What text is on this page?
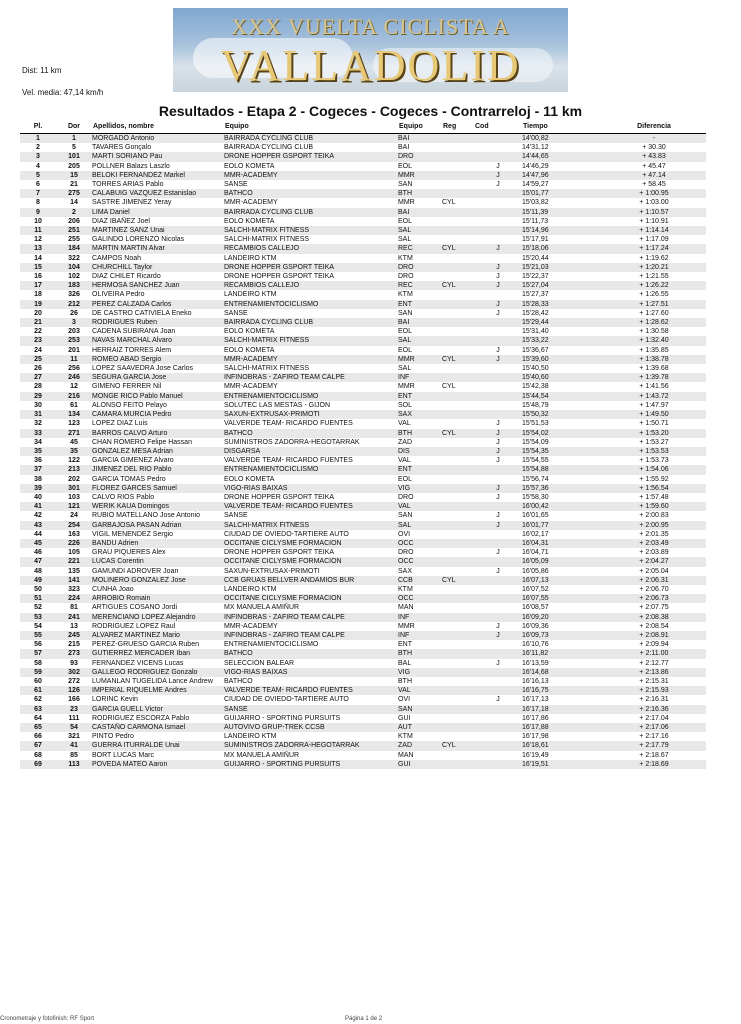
XXX VUELTA CICLISTA A
VALLADOLID
Dist: 11 km
Vel. media: 47,14 km/h
Resultados - Etapa 2 - Cogeces - Cogeces - Contrarreloj - 11 km
Pl.	Dor	Apellidos, nombre	Equipo	Equipo	Reg	Cod	Tiempo	Diferencia
1	1	MORGADO Antonio	BAIRRADA CYCLING CLUB	BAI			14'00,82	-
2	5	TAVARES Gonçalo	BAIRRADA CYCLING CLUB	BAI			14'31,12	+ 30.30
3	101	MARTI SORIANO Pau	DRONE HOPPER GSPORT TEIKA	DRO			14'44,65	+ 43.83
4	205	POLLNER Balazs Laszlo	EOLO KOMETA	EOL		J	14'46,29	+ 45.47
5	15	BELOKI FERNANDEZ Markel	MMR-ACADEMY	MMR		J	14'47,96	+ 47.14
6	21	TORRES ARIAS Pablo	SANSE	SAN		J	14'59,27	+ 58.45
7	275	CALABUIG VAZQUEZ Estanislao	BATHCO	BTH			15'01,77	+ 1:00.95
8	14	SASTRE JIMENEZ Yeray	MMR-ACADEMY	MMR	CYL		15'03,82	+ 1:03.00
9	2	LIMA Daniel	BAIRRADA CYCLING CLUB	BAI			15'11,39	+ 1:10.57
10	206	DIAZ IBAÑEZ Joel	EOLO KOMETA	EOL			15'11,73	+ 1:10.91
11	251	MARTINEZ SANZ Unai	SALCHI-MATRIX FITNESS	SAL			15'14,96	+ 1:14.14
12	255	GALINDO LORENZO Nicolas	SALCHI-MATRIX FITNESS	SAL			15'17,91	+ 1:17.09
13	184	MARTIN MARTIN Alvar	RECAMBIOS CALLEJO	REC	CYL	J	15'18,06	+ 1:17.24
14	322	CAMPOS Noah	LANDEIRO KTM	KTM			15'20,44	+ 1:19.62
15	104	CHURCHILL Taylor	DRONE HOPPER GSPORT TEIKA	DRO		J	15'21,03	+ 1:20.21
16	102	DIAZ CHILET Ricardo	DRONE HOPPER GSPORT TEIKA	DRO		J	15'22,37	+ 1:21.55
17	183	HERMOSA SANCHEZ Juan	RECAMBIOS CALLEJO	REC	CYL	J	15'27,04	+ 1:26.22
18	326	OLIVEIRA Pedro	LANDEIRO KTM	KTM			15'27,37	+ 1:26.55
19	212	PEREZ CALZADA Carlos	ENTRENAMIENTOCICLISMO	ENT		J	15'28,33	+ 1:27.51
20	26	DE CASTRO CATIVIELA Eneko	SANSE	SAN		J	15'28,42	+ 1:27.60
21	3	RODRIGUES Ruben	BAIRRADA CYCLING CLUB	BAI			15'29,44	+ 1:28.62
22	203	CADENA SUBIRANA Joan	EOLO KOMETA	EOL			15'31,40	+ 1:30.58
23	253	NAVAS MARCHAL Alvaro	SALCHI-MATRIX FITNESS	SAL			15'33,22	+ 1:32.40
24	201	HERRAIZ TORRES Alem	EOLO KOMETA	EOL		J	15'36,67	+ 1:35.85
25	11	ROMEO ABAD Sergio	MMR-ACADEMY	MMR	CYL	J	15'39,60	+ 1:38.78
26	256	LOPEZ SAAVEDRA Jose Carlos	SALCHI-MATRIX FITNESS	SAL			15'40,50	+ 1:39.68
27	246	SEGURA GARCIA Jose	INFINOBRAS - ZAFIRO TEAM CALPE	INF			15'40,60	+ 1:39.78
28	12	GIMENO FERRER Nil	MMR-ACADEMY	MMR	CYL		15'42,38	+ 1:41.56
29	216	MONGE RICO Pablo Manuel	ENTRENAMIENTOCICLISMO	ENT			15'44,54	+ 1:43.72
30	61	ALONSO FEITO Pelayo	SOLUTEC LAS MESTAS - GIJON	SOL			15'48,79	+ 1:47.97
31	134	CAMARA MURCIA Pedro	SAXUN-EXTRUSAX-PRIMOTI	SAX			15'50,32	+ 1:49.50
32	123	LOPEZ DIAZ Luis	VALVERDE TEAM- RICARDO FUENTES	VAL		J	15'51,53	+ 1:50.71
33	271	BARROS CALVO Arturo	BATHCO	BTH	CYL	J	15'54,02	+ 1:53.20
34	45	CHAN ROMERO Felipe Hassan	SUMINISTROS ZADORRA-HEGOTARRAK	ZAD		J	15'54,09	+ 1:53.27
35	35	GONZALEZ MESA Adrian	DISGARSA	DIS		J	15'54,35	+ 1:53.53
36	122	GARCIA GIMENEZ Alvaro	VALVERDE TEAM- RICARDO FUENTES	VAL		J	15'54,55	+ 1:53.73
37	213	JIMENEZ DEL RIO Pablo	ENTRENAMIENTOCICLISMO	ENT			15'54,88	+ 1:54.06
38	202	GARCIA TOMAS Pedro	EOLO KOMETA	EOL			15'56,74	+ 1:55.92
39	301	FLOREZ GARCES Samuel	VIGO-RIAS BAIXAS	VIG		J	15'57,36	+ 1:56.54
40	103	CALVO RIOS Pablo	DRONE HOPPER GSPORT TEIKA	DRO		J	15'58,30	+ 1:57.48
41	121	WERIK KAUA Domingos	VALVERDE TEAM- RICARDO FUENTES	VAL			16'00,42	+ 1:59.60
42	24	RUBIO MATELLANO Jose Antonio	SANSE	SAN		J	16'01,65	+ 2:00.83
43	254	GARBAJOSA PASAN Adrian	SALCHI-MATRIX FITNESS	SAL		J	16'01,77	+ 2:00.95
44	163	VIGIL MENENDEZ Sergio	CIUDAD DE OVIEDO-TARTIERE AUTO	OVI			16'02,17	+ 2:01.35
45	226	BANDU Adrien	OCCITANE CICLYSME FORMACION	OCC			16'04,31	+ 2:03.49
46	105	GRAU PIQUERES Alex	DRONE HOPPER GSPORT TEIKA	DRO		J	16'04,71	+ 2:03.89
47	221	LUCAS Corentin	OCCITANE CICLYSME FORMACION	OCC			16'05,09	+ 2:04.27
48	135	GAMUNDI ADROVER Joan	SAXUN-EXTRUSAX-PRIMOTI	SAX		J	16'05,86	+ 2:05.04
49	141	MOLINERO GONZALEZ Jose	CCB GRUAS BELLVER ANDAMIOS BUR	CCB	CYL		16'07,13	+ 2:06.31
50	323	CUNHA Joao	LANDEIRO KTM	KTM			16'07,52	+ 2:06.70
51	224	ARROBIO Romain	OCCITANE CICLYSME FORMACION	OCC			16'07,55	+ 2:06.73
52	81	ARTIGUES COSANO Jordi	MX MANUELA AMIÑUR	MAN			16'08,57	+ 2:07.75
53	241	MERENCIANO LOPEZ Alejandro	INFINOBRAS - ZAFIRO TEAM CALPE	INF			16'09,20	+ 2:08.38
54	13	RODRIGUEZ LOPEZ Raul	MMR-ACADEMY	MMR		J	16'09,36	+ 2:08.54
55	245	ALVAREZ MARTINEZ Mario	INFINOBRAS - ZAFIRO TEAM CALPE	INF		J	16'09,73	+ 2:08.91
56	215	PEREZ-GRUESO GARCIA Ruben	ENTRENAMIENTOCICLISMO	ENT			16'10,76	+ 2:09.94
57	273	GUTIERREZ MERCADER Iban	BATHCO	BTH			16'11,82	+ 2:11.00
58	93	FERNANDEZ VICENS Lucas	SELECCIÓN BALEAR	BAL		J	16'13,59	+ 2:12.77
59	302	GALLEGO RODRIGUEZ Gonzalo	VIGO-RIAS BAIXAS	VIG			16'14,68	+ 2:13.86
60	272	LUMANLAN TUGELIDA Lance Andrew	BATHCO	BTH			16'16,13	+ 2:15.31
61	126	IMPERIAL RIQUELME Andres	VALVERDE TEAM- RICARDO FUENTES	VAL			16'16,75	+ 2:15.93
62	166	LORINC Kevin	CIUDAD DE OVIEDO-TARTIERE AUTO	OVI		J	16'17,13	+ 2:16.31
63	23	GARCIA GUELL Victor	SANSE	SAN			16'17,18	+ 2:16.36
64	111	RODRIGUEZ ESCORZA Pablo	GUIJARRO - SPORTING PURSUITS	GUI			16'17,86	+ 2:17.04
65	54	CASTAÑO CARMONA Ismael	AUTOVIVO GRUP-TREK CCSB	AUT			16'17,88	+ 2:17.06
66	321	PINTO Pedro	LANDEIRO KTM	KTM			16'17,98	+ 2:17.16
67	41	GUERRA ITURRALDE Unai	SUMINISTROS ZADORRA-HEGOTARRAK	ZAD	CYL		16'18,61	+ 2:17.79
68	85	BORT LUCAS Marc	MX MANUELA AMIÑUR	MAN			16'19,49	+ 2:18.67
69	113	POVEDA MATEO Aaron	GUIJARRO - SPORTING PURSUITS	GUI			16'19,51	+ 2:18.69
Cronometraje y fotofinish: RF Sport	Página 1 de 2
